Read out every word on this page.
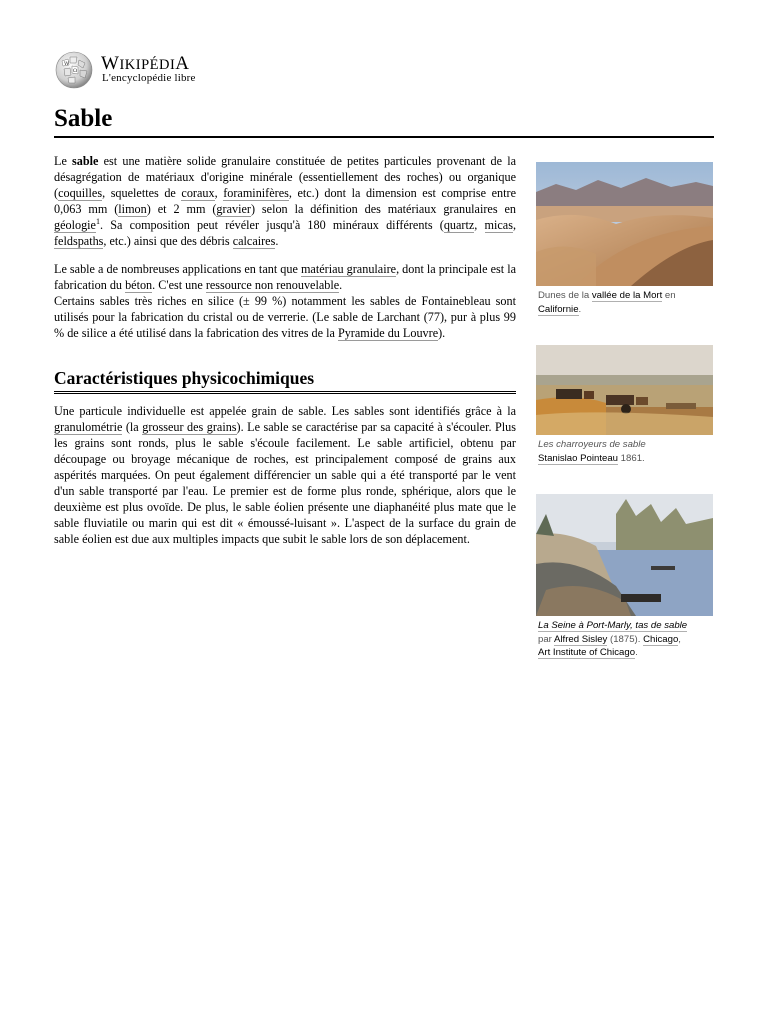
W
Ω WIKIPÉDIA
L'encyclopédie libre
Sable

Le sable est une matière solide granulaire constituée de petites particules provenant de la désagrégation de matériaux d'origine minérale (essentiellement des roches) ou organique (coquilles, squelettes de coraux, foraminifères, etc.) dont la dimension est comprise entre 0,063 mm (limon) et 2 mm (gravier) selon la définition des matériaux granulaires en géologie$^1$. Sa composition peut révéler jusqu'à 180 minéraux différents (quartz, micas, feldspaths, etc.) ainsi que des débris calcaires.

Le sable a de nombreuses applications en tant que matériau granulaire, dont la principale est la fabrication du béton. C'est une ressource non renouvelable.
Certains sables très riches en silice (± 99 %) notamment les sables de Fontainebleau sont utilisés pour la fabrication du cristal ou de verrerie. (Le sable de Larchant (77), pur à plus 99 % de silice a été utilisé dans la fabrication des vitres de la Pyramide du Louvre).

Caractéristiques physicochimiques

Une particule individuelle est appelée grain de sable. Les sables sont identifiés grâce à la granulométrie (la grosseur des grains). Le sable se caractérise par sa capacité à s'écouler. Plus les grains sont ronds, plus le sable s'écoule facilement. Le sable artificiel, obtenu par découpage ou broyage mécanique de roches, est principalement composé de grains aux aspérités marquées. On peut également différencier un sable qui a été transporté par le vent d'un sable transporté par l'eau. Le premier est de forme plus ronde, sphérique, alors que le deuxième est plus ovoïde. De plus, le sable éolien présente une diaphanéité plus mate que le sable fluviatile ou marin qui est dit « émoussé-luisant ». L'aspect de la surface du grain de sable éolien est due aux multiples impacts que subit le sable lors de son déplacement.

Dunes de la vallée de la Mort en Californie.
Les charroyeurs de sable
Stanislao Pointeau 1861.
La Seine à Port-Marly, tas de sable
par Alfred Sisley (1875). Chicago,
Art Institute of Chicago.
